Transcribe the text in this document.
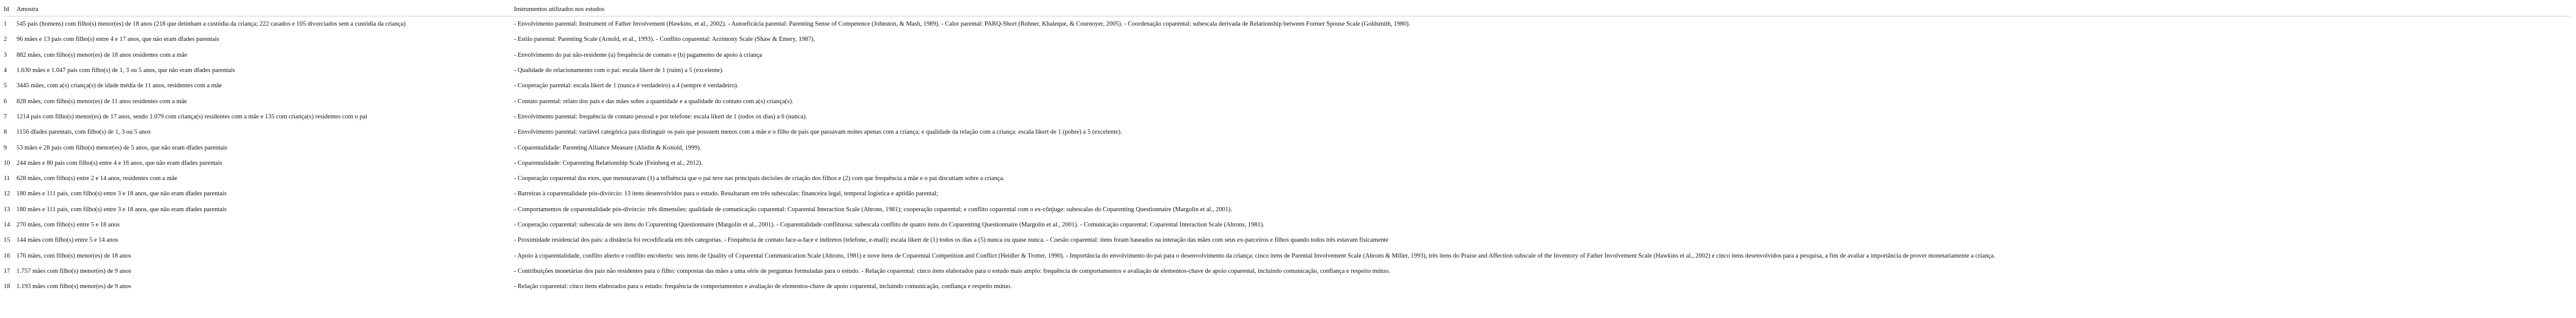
Id	Amostra	Instrumentos utilizados nos estudos
1	545 pais (homens) com filho(s) menor(es) de 18 anos (218 que detinham a custódia da criança; 222 casados e 105 divorciados sem a custódia da criança)	- Envolvimento parental: Instrument of Father Involvement (Hawkins, et al., 2002). - Autoeficácia parental: Parenting Sense of Competence (Johnston, & Mash, 1989). - Calor parental: PARQ-Short (Rohner, Khaleque, & Cournoyer, 2005). - Coordenação coparental: subescala derivada de Relationship between Former Spouse Scale (Goldsmith, 1980).
2	96 mães e 13 pais com filho(s) entre 4 e 17 anos, que não eram dfades parentais	- Estilo parental: Parenting Scale (Arnold, et al., 1993). - Conflito coparental: Acrimony Scale (Shaw & Emery, 1987).
3	882 mães, com filho(s) menor(es) de 18 anos residentes com a mãe	- Envolvimento do pai não-residente (a) frequência de contato e (b) pagamento de apoio à criança
4	1.630 mães e 1.047 pais com filho(s) de 1, 3 ou 5 anos, que não eram dfades parentais	- Qualidade do relacionamento com o pai: escala likert de 1 (ruim) a 5 (excelente).
5	3445 mães, com a(s) criança(s) de idade média de 11 anos, residentes com a mãe	- Cooperação parental: escala likert de 1 (nunca é verdadeiro) a 4 (sempre é verdadeiro).
6	828 mães, com filho(s) menor(es) de 11 anos residentes com a mãe	- Contato parental: relato dos pais e das mães sobre a quantidade e a qualidade do contato com a(s) criança(s).
7	1214 pais com filho(s) menor(es) de 17 anos, sendo 1.079 com criança(s) residentes com a mãe e 135 com criança(s) residentes com o pai	- Envolvimento parental: frequência de contato pessoal e por telefone: escala likert de 1 (todos os dias) a 6 (nunca).
8	1156 dfades parentais, com filho(s) de 1, 3 ou 5 anos	- Envolvimento parental: variável categórica para distinguir os pais que possuem menos com a mãe e o filho de pais que passavam noites apenas com a criança; e qualidade da relação com a criança: escala likert de 1 (pobre) a 5 (excelente).
9	53 mães e 28 pais com filho(s) menor(es) de 5 anos, que não eram dfades parentais	- Coparentalidade: Parenting Alliance Measure (Abidin & Konold, 1999).
10	244 mães e 80 pais com filho(s) entre 4 e 16 anos, que não eram dfades parentais	- Coparentalidade: Coparenting Relationship Scale (Feinberg et al., 2012).
11	628 mães, com filho(s) entre 2 e 14 anos, residentes com a mãe	- Cooperação coparental dos exes, que mensuravam (1) a influência que o pai teve nas principais decisões de criação dos filhos e (2) com que frequência a mãe e o pai discutiam sobre a criança.
12	180 mães e 111 pais, com filho(s) entre 3 e 18 anos, que não eram dfades parentais	- Barreiras à coparentalidade pós-divórcio: 13 itens desenvolvidos para o estudo. Resultaram em três subescalas: financeira legal, temporal logística e aptidão parental;
13	180 mães e 111 pais, com filho(s) entre 3 e 18 anos, que não eram dfades parentais	- Comportamentos de coparentalidade pós-divórcio: três dimensões: qualidade de comunicação coparental: Coparental Interaction Scale (Ahrons, 1981); cooperação coparental; e conflito coparental com o ex-cônjuge: subescalas do Coparenting Questionnaire (Margolin et al., 2001).
14	270 mães, com filho(s) entre 5 e 18 anos	- Cooperação coparental: subescala de seis itens do Coparenting Questionnaire (Margolin et al., 2001). - Coparentalidade conflituosa: subescala conflito de quatro itens do Coparenting Questionnaire (Margolin et al., 2001). - Comunicação coparental: Coparental Interaction Scale (Ahrons, 1981).
15	144 mães com filho(s) entre 5 e 14 anos	- Proximidade residencial dos pais: a distância foi recodificada em três categorias. - Frequência de contato face-a-face e indiretos (telefone, e-mail): escala likert de (1) todos os dias a (5) nunca ou quase nunca. - Coesão coparental: itens foram baseados na interação das mães com seus ex-parceiros e filhos quando todos três estavam fisicamente
16	176 mães, com filho(s) menor(es) de 18 anos	- Apoio à coparentalidade, conflito aberto e conflito encoberto: seis itens de Quality of Coparental Communication Scale (Ahrons, 1981) e nove itens de Coparental Competition and Conflict (Heidler & Trotter, 1990). - Importância do envolvimento do pai para o desenvolvimento da criança: cinco itens de Parental Involvement Scale (Ahrons & Miller, 1993), três itens do Praise and Affection subscale of the Inventory of Father Involvement Scale (Hawkins et al., 2002) e cinco itens desenvolvidos para a pesquisa, a fim de avaliar a importância de prover monetariamente a criança.
17	1.757 mães com filho(s) menor(es) de 9 anos	- Contribuições monetárias dos pais não residentes para o filho: compostas das mães a uma série de perguntas formuladas para o estudo. - Relação coparental: cinco itens elaborados para o estudo mais amplo: frequência de comportamentos e avaliação de elementos-chave de apoio coparental, incluindo comunicação, confiança e respeito mútuo.
18	1.193 mães com filho(s) menor(es) de 9 anos	- Relação coparental: cinco itens elaborados para o estudo: frequência de comportamentos e avaliação de elementos-chave de apoio coparental, incluindo comunicação, confiança e respeito mútuo.
